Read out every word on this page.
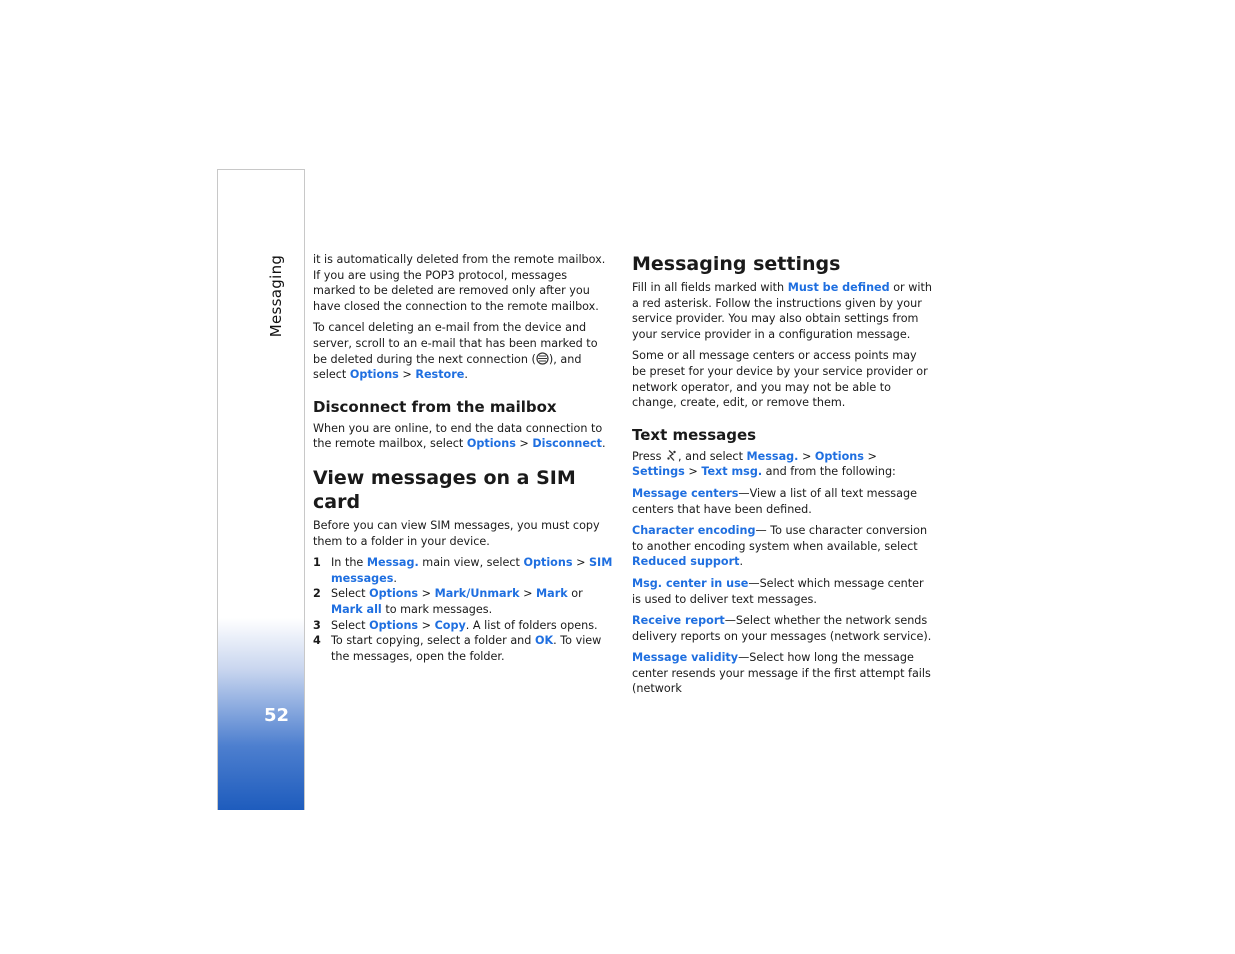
Messaging
52

it is automatically deleted from the remote mailbox. If you are using the POP3 protocol, messages marked to be deleted are removed only after you have closed the connection to the remote mailbox.

To cancel deleting an e-mail from the device and server, scroll to an e-mail that has been marked to be deleted during the next connection ( ), and select Options > Restore.

Disconnect from the mailbox

When you are online, to end the data connection to the remote mailbox, select Options > Disconnect.

View messages on a SIM card

Before you can view SIM messages, you must copy them to a folder in your device.

1 In the Messag. main view, select Options > SIM messages.
2 Select Options > Mark/Unmark > Mark or Mark all to mark messages.
3 Select Options > Copy. A list of folders opens.
4 To start copying, select a folder and OK. To view the messages, open the folder.
Messaging settings

Fill in all fields marked with Must be defined or with a red asterisk. Follow the instructions given by your service provider. You may also obtain settings from your service provider in a configuration message.

Some or all message centers or access points may be preset for your device by your service provider or network operator, and you may not be able to change, create, edit, or remove them.

Text messages

Press , and select Messag. > Options > Settings > Text msg. and from the following:

Message centers—View a list of all text message centers that have been defined.

Character encoding— To use character conversion to another encoding system when available, select Reduced support.

Msg. center in use—Select which message center is used to deliver text messages.

Receive report—Select whether the network sends delivery reports on your messages (network service).

Message validity—Select how long the message center resends your message if the first attempt fails (network
